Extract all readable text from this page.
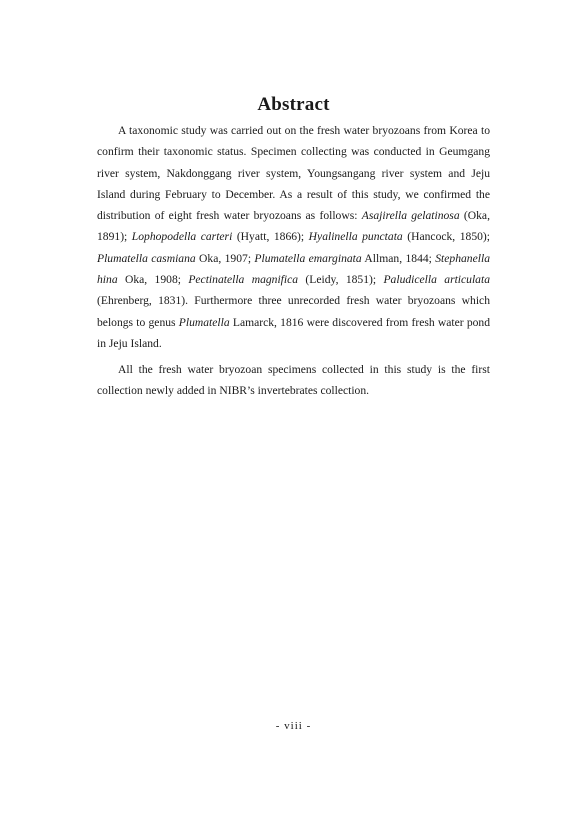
Abstract

A taxonomic study was carried out on the fresh water bryozoans from Korea to confirm their taxonomic status. Specimen collecting was conducted in Geumgang river system, Nakdonggang river system, Youngsangang river system and Jeju Island during February to December. As a result of this study, we confirmed the distribution of eight fresh water bryozoans as follows: Asajirella gelatinosa (Oka, 1891); Lophopodella carteri (Hyatt, 1866); Hyalinella punctata (Hancock, 1850); Plumatella casmiana Oka, 1907; Plumatella emarginata Allman, 1844; Stephanella hina Oka, 1908; Pectinatella magnifica (Leidy, 1851); Paludicella articulata (Ehrenberg, 1831). Furthermore three unrecorded fresh water bryozoans which belongs to genus Plumatella Lamarck, 1816 were discovered from fresh water pond in Jeju Island.

All the fresh water bryozoan specimens collected in this study is the first collection newly added in NIBR’s invertebrates collection.

- viii -
